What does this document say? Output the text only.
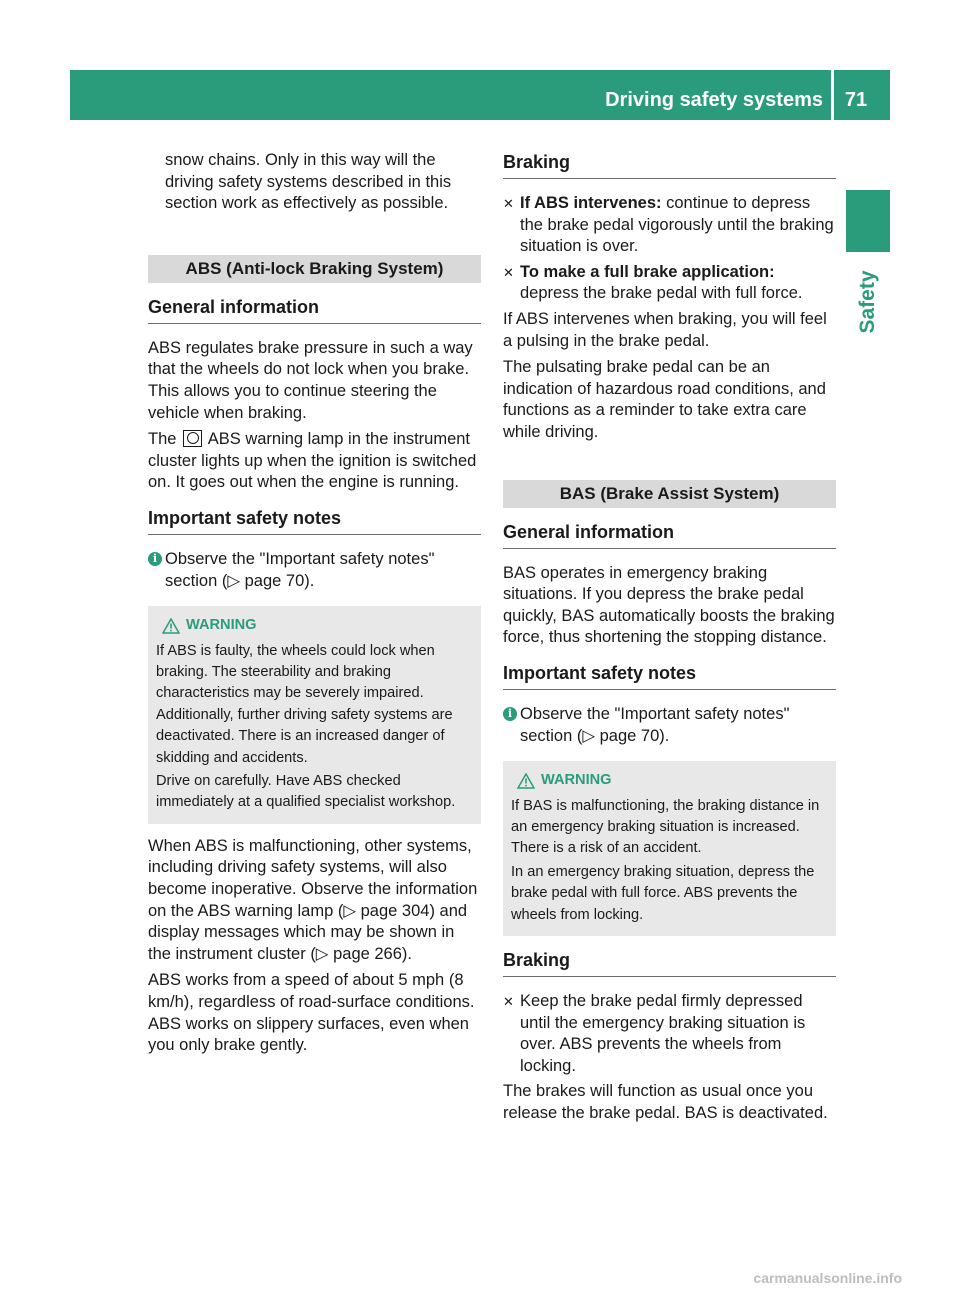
Driving safety systems	71
Safety

snow chains. Only in this way will the driving safety systems described in this section work as effectively as possible.

ABS (Anti-lock Braking System)
General information

ABS regulates brake pressure in such a way that the wheels do not lock when you brake. This allows you to continue steering the vehicle when braking.

The ABS warning lamp in the instrument cluster lights up when the ignition is switched on. It goes out when the engine is running.

Important safety notes
i Observe the "Important safety notes" section (▷ page 70).
WARNING

If ABS is faulty, the wheels could lock when braking. The steerability and braking characteristics may be severely impaired. Additionally, further driving safety systems are deactivated. There is an increased danger of skidding and accidents.

Drive on carefully. Have ABS checked immediately at a qualified specialist workshop.

When ABS is malfunctioning, other systems, including driving safety systems, will also become inoperative. Observe the information on the ABS warning lamp (▷ page 304) and display messages which may be shown in the instrument cluster (▷ page 266).

ABS works from a speed of about 5 mph (8 km/h), regardless of road-surface conditions. ABS works on slippery surfaces, even when you only brake gently.

Braking
✕ If ABS intervenes: continue to depress the brake pedal vigorously until the braking situation is over.
✕ To make a full brake application: depress the brake pedal with full force.

If ABS intervenes when braking, you will feel a pulsing in the brake pedal.

The pulsating brake pedal can be an indication of hazardous road conditions, and functions as a reminder to take extra care while driving.

BAS (Brake Assist System)
General information

BAS operates in emergency braking situations. If you depress the brake pedal quickly, BAS automatically boosts the braking force, thus shortening the stopping distance.

Important safety notes
i Observe the "Important safety notes" section (▷ page 70).
WARNING

If BAS is malfunctioning, the braking distance in an emergency braking situation is increased. There is a risk of an accident.

In an emergency braking situation, depress the brake pedal with full force. ABS prevents the wheels from locking.

Braking
✕ Keep the brake pedal firmly depressed until the emergency braking situation is over. ABS prevents the wheels from locking.

The brakes will function as usual once you release the brake pedal. BAS is deactivated.

carmanualsonline.info
